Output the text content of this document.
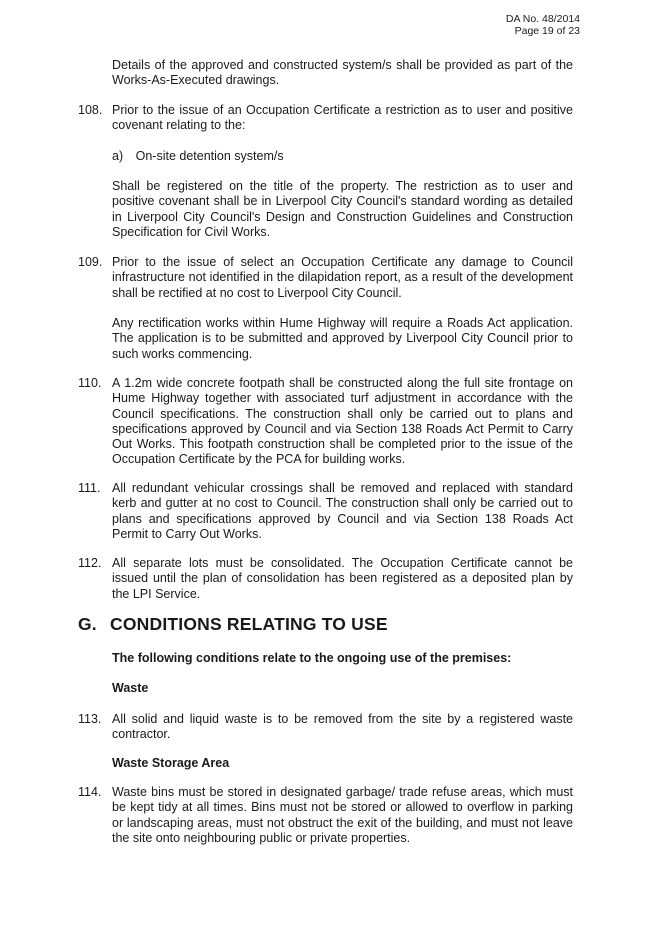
DA No. 48/2014
Page 19 of 23

Details of the approved and constructed system/s shall be provided as part of the Works-As-Executed drawings.

108. Prior to the issue of an Occupation Certificate a restriction as to user and positive covenant relating to the:

a) On-site detention system/s

Shall be registered on the title of the property. The restriction as to user and positive covenant shall be in Liverpool City Council's standard wording as detailed in Liverpool City Council's Design and Construction Guidelines and Construction Specification for Civil Works.

109. Prior to the issue of select an Occupation Certificate any damage to Council infrastructure not identified in the dilapidation report, as a result of the development shall be rectified at no cost to Liverpool City Council.

Any rectification works within Hume Highway will require a Roads Act application. The application is to be submitted and approved by Liverpool City Council prior to such works commencing.

110. A 1.2m wide concrete footpath shall be constructed along the full site frontage on Hume Highway together with associated turf adjustment in accordance with the Council specifications. The construction shall only be carried out to plans and specifications approved by Council and via Section 138 Roads Act Permit to Carry Out Works. This footpath construction shall be completed prior to the issue of the Occupation Certificate by the PCA for building works.

111. All redundant vehicular crossings shall be removed and replaced with standard kerb and gutter at no cost to Council. The construction shall only be carried out to plans and specifications approved by Council and via Section 138 Roads Act Permit to Carry Out Works.

112. All separate lots must be consolidated. The Occupation Certificate cannot be issued until the plan of consolidation has been registered as a deposited plan by the LPI Service.

G. CONDITIONS RELATING TO USE

The following conditions relate to the ongoing use of the premises:

Waste

113. All solid and liquid waste is to be removed from the site by a registered waste contractor.

Waste Storage Area

114. Waste bins must be stored in designated garbage/ trade refuse areas, which must be kept tidy at all times. Bins must not be stored or allowed to overflow in parking or landscaping areas, must not obstruct the exit of the building, and must not leave the site onto neighbouring public or private properties.
